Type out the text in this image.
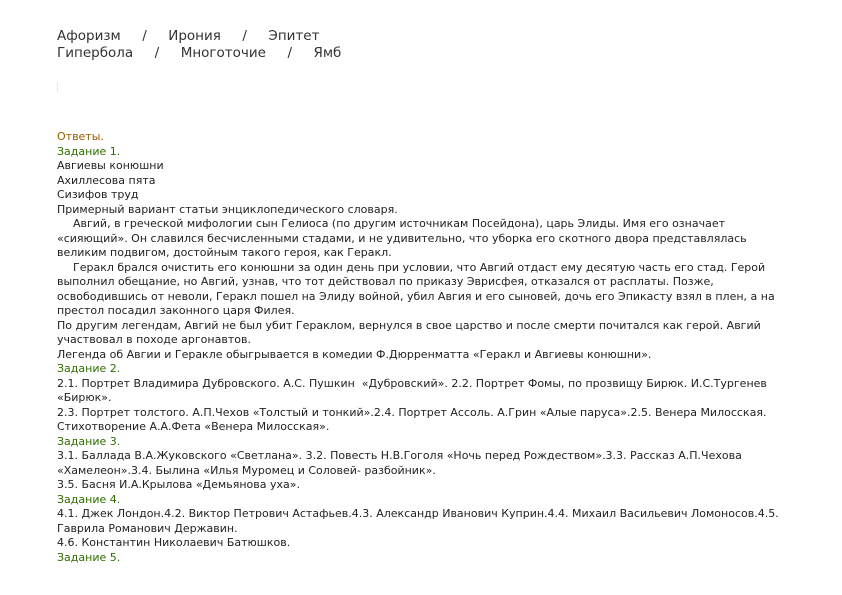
Афоризм / Ирония / Эпитет
Гипербола / Многоточие / Ямб
Ответы.
Задание 1.
Авгиевы конюшни
Ахиллесова пята
Сизифов труд
Примерный вариант статьи энциклопедического словаря.
Авгий, в греческой мифологии сын Гелиоса (по другим источникам Посейдона), царь Элиды. Имя его означает «сияющий». Он славился бесчисленными стадами, и не удивительно, что уборка его скотного двора представлялась великим подвигом, достойным такого героя, как Геракл.
Геракл брался очистить его конюшни за один день при условии, что Авгий отдаст ему десятую часть его стад. Герой выполнил обещание, но Авгий, узнав, что тот действовал по приказу Эврисфея, отказался от расплаты. Позже, освободившись от неволи, Геракл пошел на Элиду войной, убил Авгия и его сыновей, дочь его Эпикасту взял в плен, а на престол посадил законного царя Филея.
По другим легендам, Авгий не был убит Гераклом, вернулся в свое царство и после смерти почитался как герой. Авгий участвовал в походе аргонавтов.
Легенда об Авгии и Геракле обыгрывается в комедии Ф.Дюрренматта «Геракл и Авгиевы конюшни».
Задание 2.
2.1. Портрет Владимира Дубровского. А.С. Пушкин  «Дубровский». 2.2. Портрет Фомы, по прозвищу Бирюк. И.С.Тургенев «Бирюк».
2.3. Портрет толстого. А.П.Чехов «Толстый и тонкий».2.4. Портрет Ассоль. А.Грин «Алые паруса».2.5. Венера Милосская. Стихотворение А.А.Фета «Венера Милосская».
Задание 3.
3.1. Баллада В.А.Жуковского «Светлана». 3.2. Повесть Н.В.Гоголя «Ночь перед Рождеством».3.3. Рассказ А.П.Чехова «Хамелеон».3.4. Былина «Илья Муромец и Соловей- разбойник».
3.5. Басня И.А.Крылова «Демьянова уха».
Задание 4.
4.1. Джек Лондон.4.2. Виктор Петрович Астафьев.4.3. Александр Иванович Куприн.4.4. Михаил Васильевич Ломоносов.4.5. Гаврила Романович Державин.
4.6. Константин Николаевич Батюшков.
Задание 5.
